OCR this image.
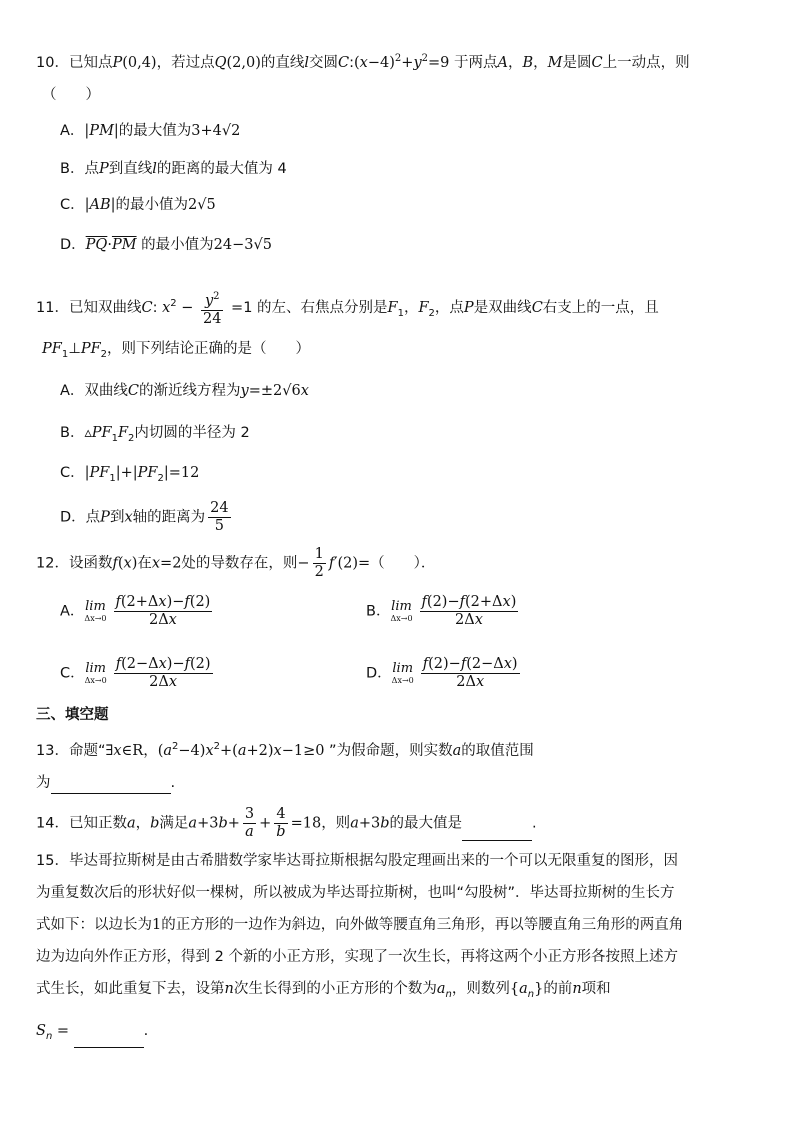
10．已知点P(0,4)，若过点Q(2,0)的直线l交圆$C:(x-4)^2+y^2=9$ 于两点A，B，M是圆C上一动点，则
（　　）
A．|PM|的最大值为3+4√2
B．点P到直线l的距离的最大值为 4
C．|AB|的最小值为2√5
D．$\overline{PQ}\cdot\overline{PM}$ 的最小值为24−3√5
11．已知双曲线C: $x^2 - \frac{y^2}{24} =1$ 的左、右焦点分别是$F_1$，$F_2$，点P是双曲线C右支上的一点，且
$PF_1\perp PF_2$，则下列结论正确的是（　　）
A．双曲线C的渐近线方程为y=±2√6x
B．$▵PF_1F_2$内切圆的半径为 2
C．$|PF_1|+|PF_2|=12$
D．点P到x轴的距离为 $\frac{24}{5}$
12．设函数f(x)在x=2处的导数存在，则− $\frac{1}{2} f'(2)=$（　　）．
A． lim
$\Delta x\to 0 \frac{f(2+\Delta x)-f(2)}{2\Delta x}$	B． lim
$\Delta x\to 0 \frac{f(2)-f(2+\Delta x)}{2\Delta x}$
C． lim
$\Delta x\to 0 \frac{f(2-\Delta x)-f(2)}{2\Delta x}$	D． lim
$\Delta x\to 0 \frac{f(2)-f(2-\Delta x)}{2\Delta x}$
三、填空题
13．命题“∃x∈R，$(a^2-4)x^2+(a+2)x-1\ge 0$ ”为假命题，则实数a的取值范围
为	.
14．已知正数a，b满足$a+3b+ \frac{3}{a} + \frac{4}{b} =18$，则a+3b的最大值是	.
15．毕达哥拉斯树是由古希腊数学家毕达哥拉斯根据勾股定理画出来的一个可以无限重复的图形，因
为重复数次后的形状好似一棵树，所以被成为毕达哥拉斯树，也叫“勾股树”．毕达哥拉斯树的生长方
式如下：以边长为1的正方形的一边作为斜边，向外做等腰直角三角形，再以等腰直角三角形的两直角
边为边向外作正方形，得到 2 个新的小正方形，实现了一次生长，再将这两个小正方形各按照上述方
式生长，如此重复下去，设第n次生长得到的小正方形的个数为$a_n$，则数列$\{a_n\}$的前n项和
$S_n$ =	.
